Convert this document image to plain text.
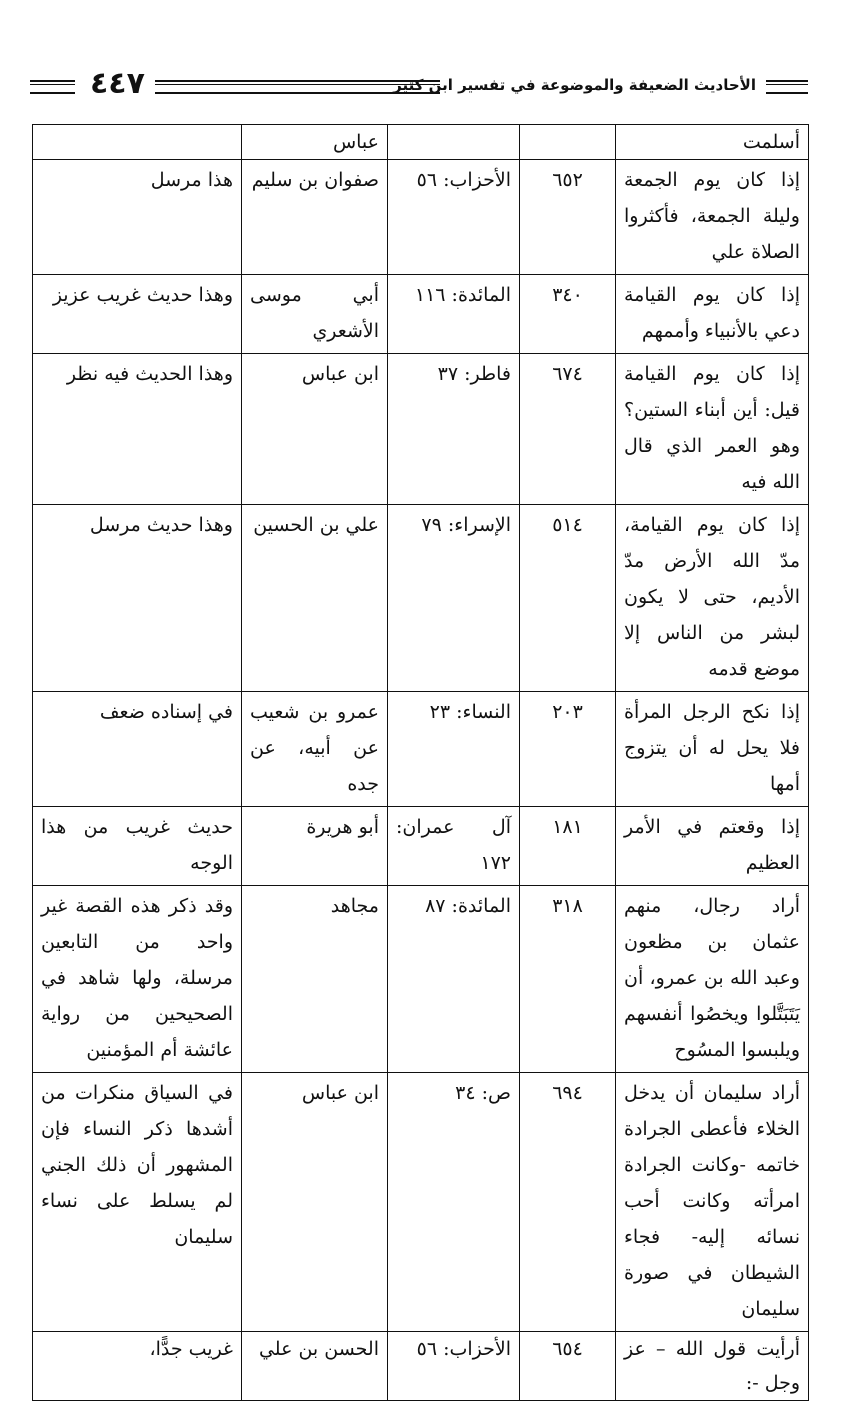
الأحاديث الضعيفة والموضوعة في تفسير ابن كثير
٤٤٧
أسلمت			عباس	
إذا كان يوم الجمعة وليلة الجمعة، فأكثروا الصلاة علي	٦٥٢	الأحزاب: ٥٦	صفوان بن سليم	هذا مرسل
إذا كان يوم القيامة دعي بالأنبياء وأممهم	٣٤٠	المائدة: ١١٦	أبي موسى الأشعري	وهذا حديث غريب عزيز
إذا كان يوم القيامة قيل: أين أبناء الستين؟ وهو العمر الذي قال الله فيه	٦٧٤	فاطر: ٣٧	ابن عباس	وهذا الحديث فيه نظر
إذا كان يوم القيامة، مدّ الله الأرض مدّ الأديم، حتى لا يكون لبشر من الناس إلا موضع قدمه	٥١٤	الإسراء: ٧٩	علي بن الحسين	وهذا حديث مرسل
إذا نكح الرجل المرأة فلا يحل له أن يتزوج أمها	٢٠٣	النساء: ٢٣	عمرو بن شعيب عن أبيه، عن جده	في إسناده ضعف
إذا وقعتم في الأمر العظيم	١٨١	آل عمران: ١٧٢	أبو هريرة	حديث غريب من هذا الوجه
أراد رجال، منهم عثمان بن مظعون وعبد الله بن عمرو، أن يَتَبَتَّلوا ويخصُوا أنفسهم ويلبسوا المسُوح	٣١٨	المائدة: ٨٧	مجاهد	وقد ذكر هذه القصة غير واحد من التابعين مرسلة، ولها شاهد في الصحيحين من رواية عائشة أم المؤمنين
أراد سليمان أن يدخل الخلاء فأعطى الجرادة خاتمه -وكانت الجرادة امرأته وكانت أحب نسائه إليه- فجاء الشيطان في صورة سليمان	٦٩٤	ص: ٣٤	ابن عباس	في السياق منكرات من أشدها ذكر النساء فإن المشهور أن ذلك الجني لم يسلط على نساء سليمان
أرأيت قول الله – عز وجل -:	٦٥٤	الأحزاب: ٥٦	الحسن بن علي	غريب جدًّا،
